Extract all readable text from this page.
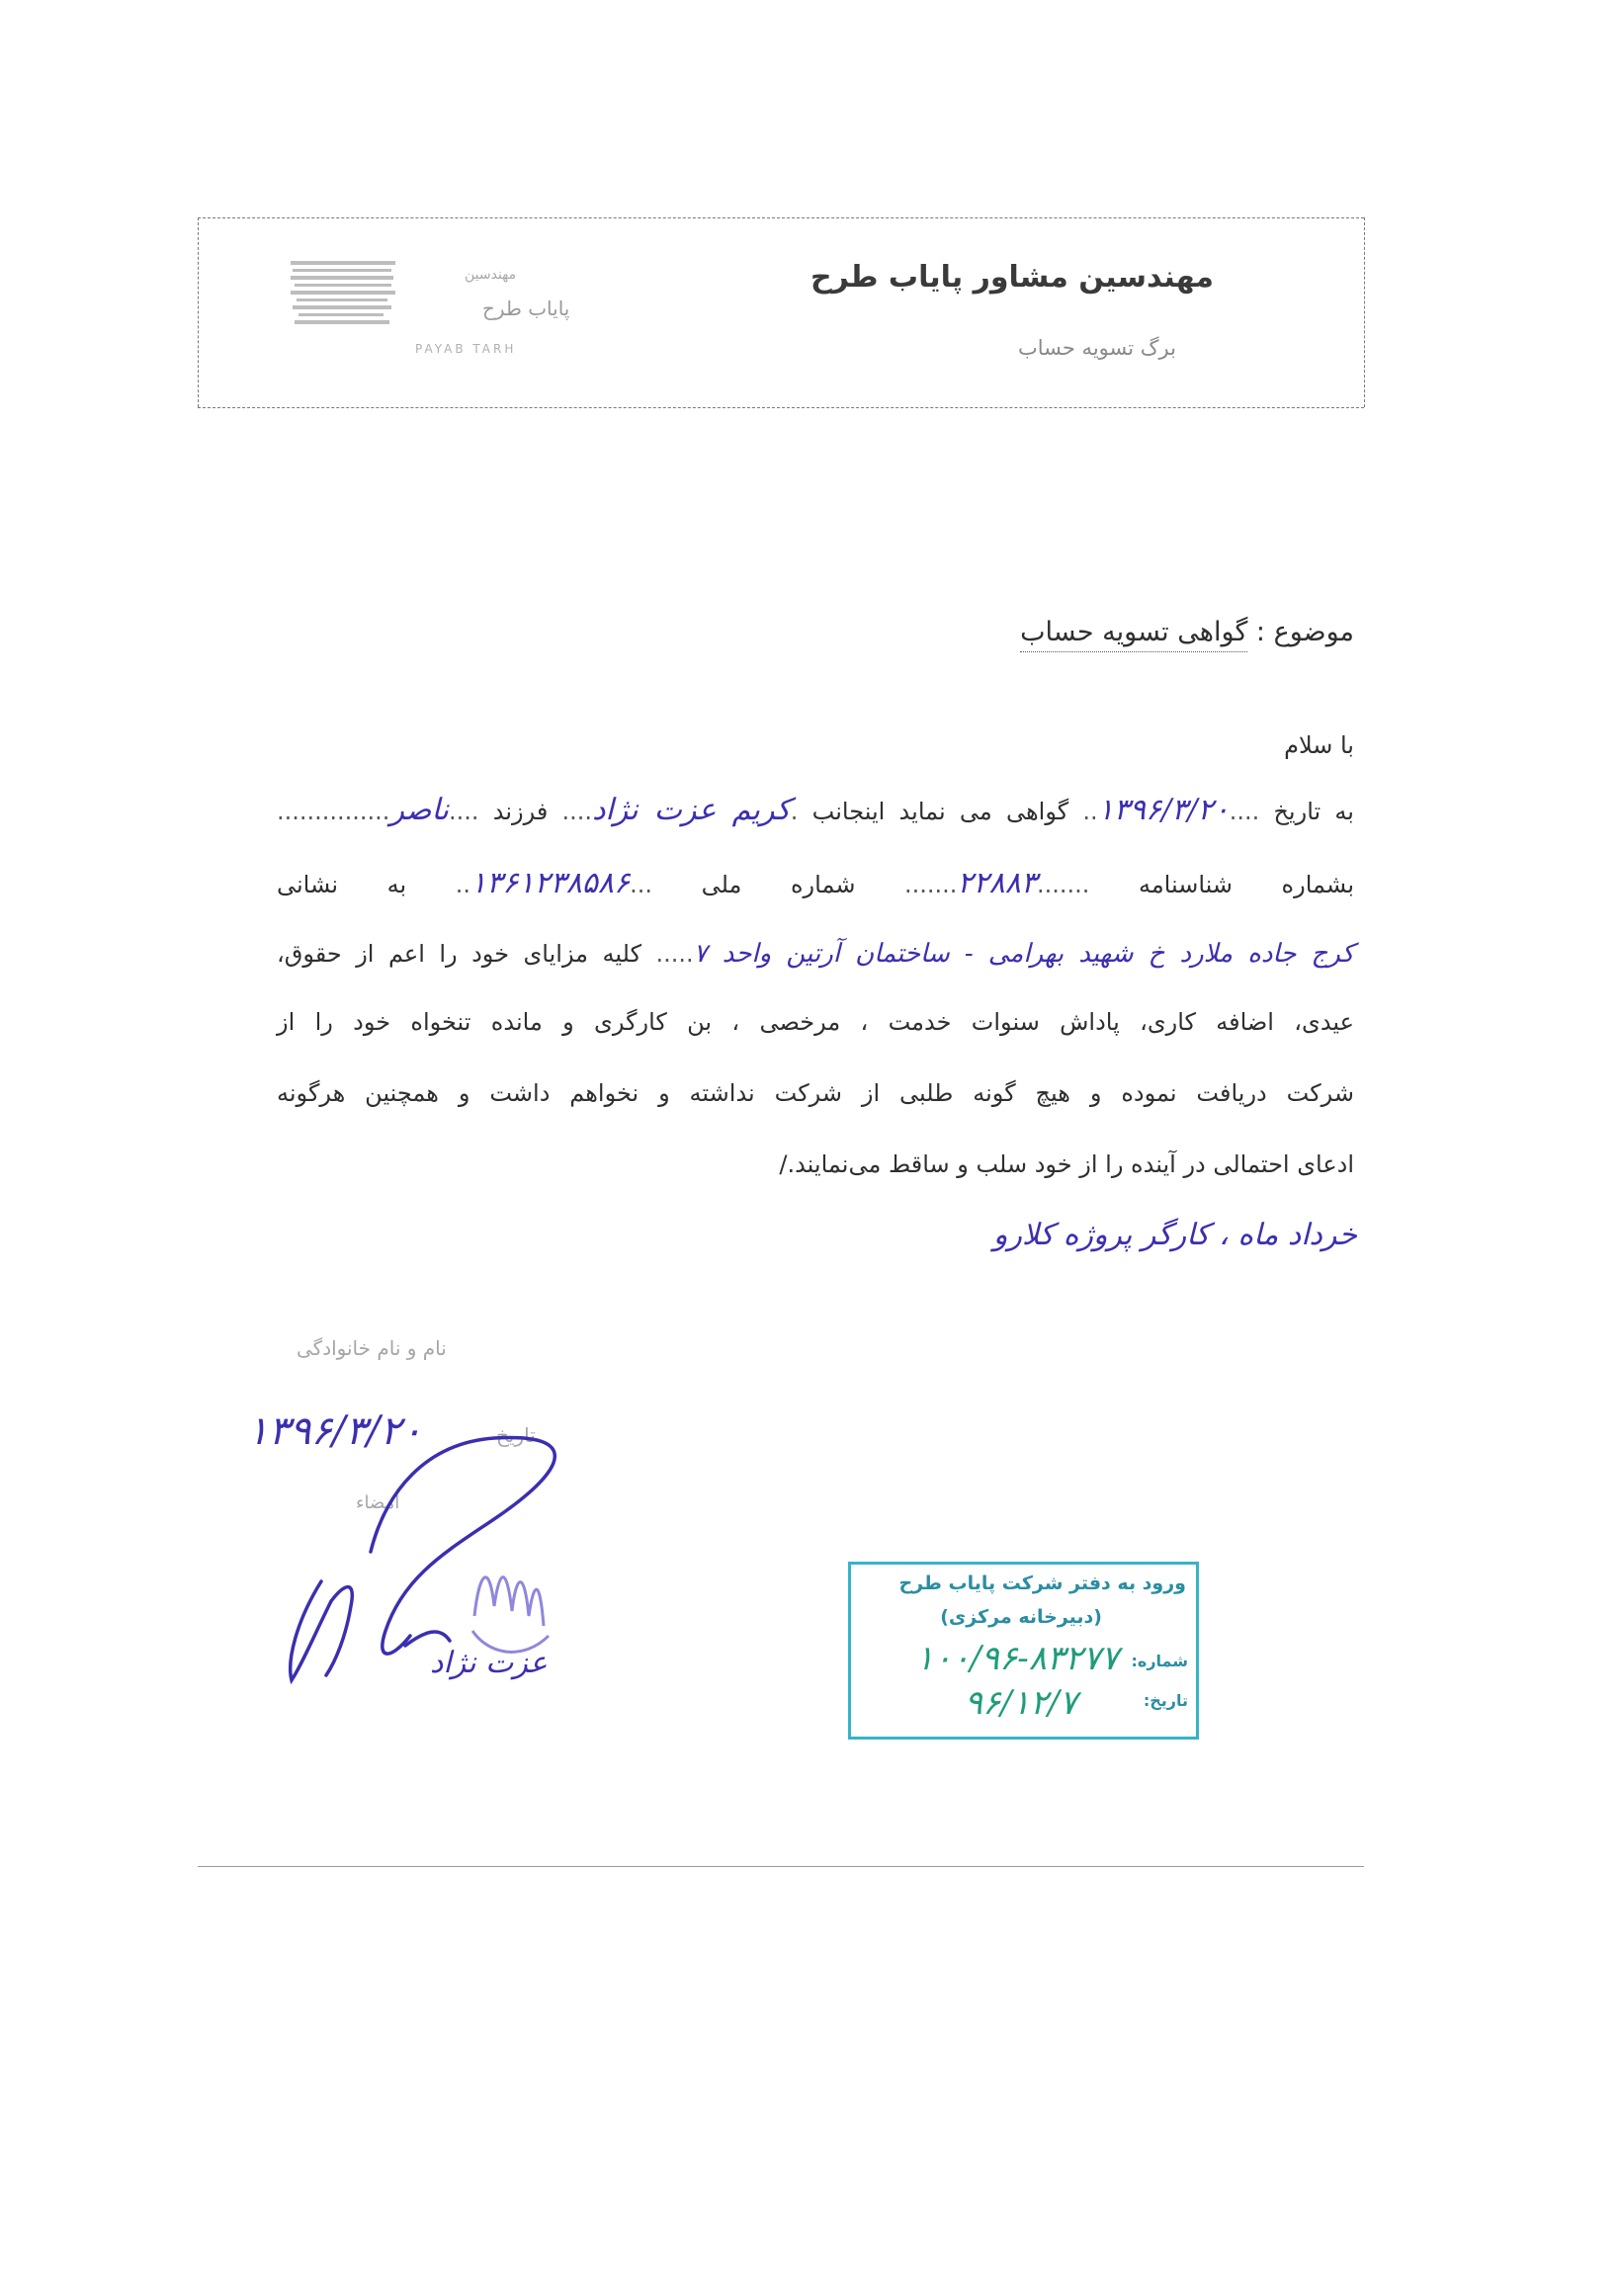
مهندسین مشاور پایاب طرح
برگ تسویه حساب
مهندسین
پایاب طرح
PAYAB TARH
موضوع : گواهی تسویه حساب
با سلام
به تاریخ ....۱۳۹۶/۳/۲۰.. گواهی می نماید اینجانب .کریم عزت نژاد.... فرزند ....ناصر...............
بشماره شناسنامه .......۲۲۸۸۳....... شماره ملی ...۱۳۶۱۲۳۸۵۸۶.. به نشانی
کرج جاده ملارد خ شهید بهرامی - ساختمان آرتین واحد ۷..... کلیه مزایای خود را اعم از حقوق،
عیدی، اضافه کاری، پاداش سنوات خدمت ، مرخصی ، بن کارگری و مانده تنخواه خود را از
شرکت دریافت نموده و هیچ گونه طلبی از شرکت نداشته و نخواهم داشت و همچنین هرگونه
ادعای احتمالی در آینده را از خود سلب و ساقط می‌نمایند./
خرداد ماه ، کارگر پروژه کلارو
نام و نام خانوادگی
تاریخ
امضاء
۱۳۹۶/۳/۲۰
عزت نژاد
ورود به دفتر شرکت پایاب طرح
(دبیرخانه مرکزی)
شماره:
۱۰۰/۹۶-۸۳۲۷۷
تاریخ:
۹۶/۱۲/۷
